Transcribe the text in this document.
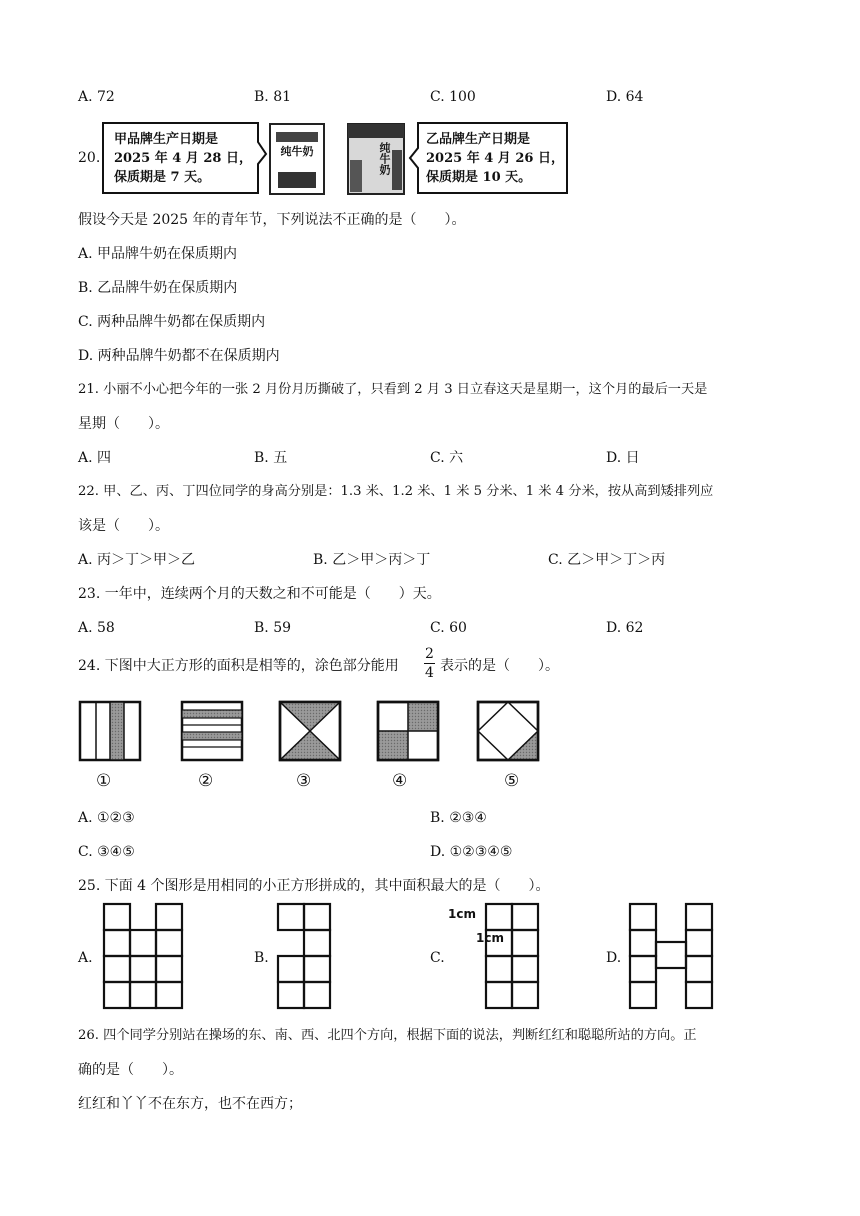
A. 72	B. 81	C. 100	D. 64
20.
甲品牌生产日期是
2025 年 4 月 28 日，
保质期是 7 天。
乙品牌生产日期是
2025 年 4 月 26 日，
保质期是 10 天。
纯牛奶	纯牛奶
假设今天是 2025 年的青年节，下列说法不正确的是（　　）。
A. 甲品牌牛奶在保质期内
B. 乙品牌牛奶在保质期内
C. 两种品牌牛奶都在保质期内
D. 两种品牌牛奶都不在保质期内
21. 小丽不小心把今年的一张 2 月份月历撕破了，只看到 2 月 3 日立春这天是星期一，这个月的最后一天是
星期（　　）。
A. 四	B. 五	C. 六	D. 日
22. 甲、乙、丙、丁四位同学的身高分别是：1.3 米、1.2 米、1 米 5 分米、1 米 4 分米，按从高到矮排列应
该是（　　）。
A. 丙＞丁＞甲＞乙	B. 乙＞甲＞丙＞丁	C. 乙＞甲＞丁＞丙
23. 一年中，连续两个月的天数之和不可能是（　　）天。
A. 58	B. 59	C. 60	D. 62
24. 下图中大正方形的面积是相等的，涂色部分能用
2
4 表示的是（　　）。
①	②	③	④	⑤
A. ①②③	B. ②③④
C. ③④⑤	D. ①②③④⑤
25. 下面 4 个图形是用相同的小正方形拼成的，其中面积最大的是（　　）。
A.	B.	C.	D.
1cm
1cm
26. 四个同学分别站在操场的东、南、西、北四个方向，根据下面的说法，判断红红和聪聪所站的方向。正
确的是（　　）。
红红和丫丫不在东方，也不在西方；
